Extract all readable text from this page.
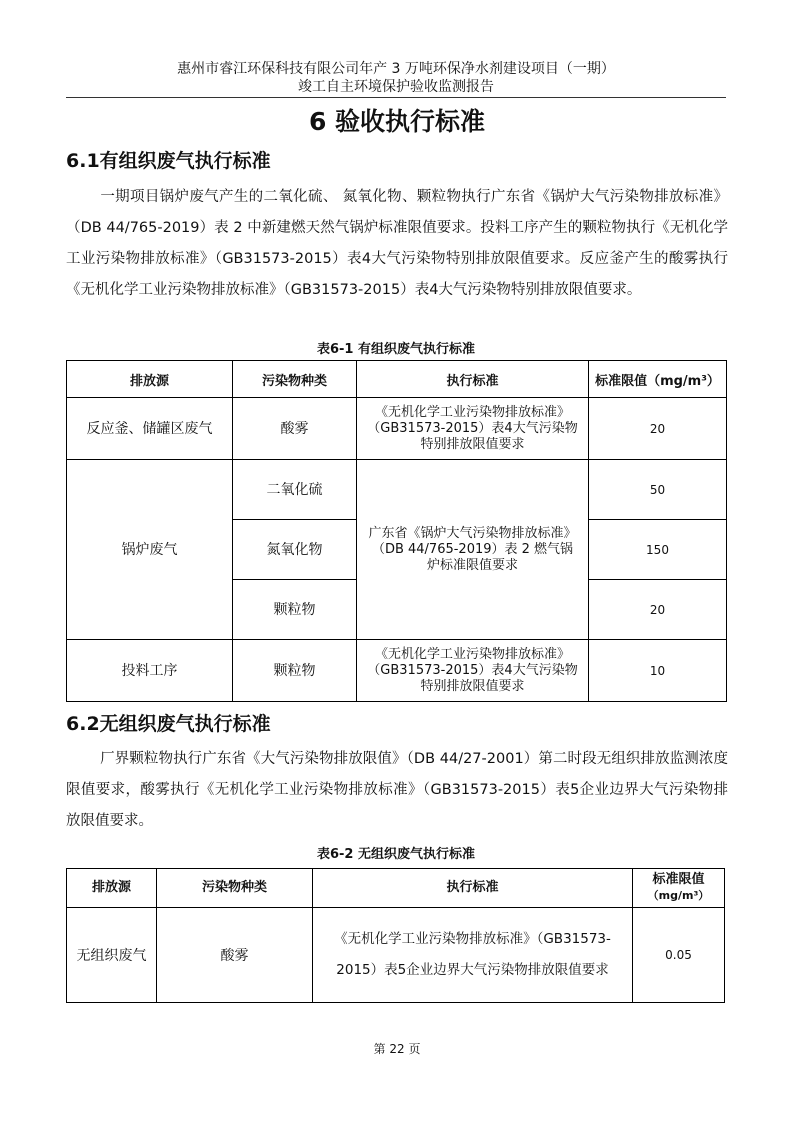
惠州市睿江环保科技有限公司年产 3 万吨环保净水剂建设项目（一期）
竣工自主环境保护验收监测报告
6 验收执行标准
6.1有组织废气执行标准
一期项目锅炉废气产生的二氧化硫、 氮氧化物、颗粒物执行广东省《锅炉大气污染物排放标准》（DB 44/765-2019）表 2 中新建燃天然气锅炉标准限值要求。投料工序产生的颗粒物执行《无机化学工业污染物排放标准》（GB31573-2015）表4大气污染物特别排放限值要求。反应釜产生的酸雾执行《无机化学工业污染物排放标准》（GB31573-2015）表4大气污染物特别排放限值要求。
表6-1 有组织废气执行标准
排放源	污染物种类	执行标准	标准限值（mg/m³）
反应釜、储罐区废气	酸雾	《无机化学工业污染物排放标准》（GB31573-2015）表4大气污染物特别排放限值要求	20
锅炉废气	二氧化硫	广东省《锅炉大气污染物排放标准》（DB 44/765-2019）表 2 燃气锅炉标准限值要求	50
	氮氧化物		150
	颗粒物		20
投料工序	颗粒物	《无机化学工业污染物排放标准》（GB31573-2015）表4大气污染物特别排放限值要求	10
6.2无组织废气执行标准
厂界颗粒物执行广东省《大气污染物排放限值》（DB 44/27-2001）第二时段无组织排放监测浓度限值要求，酸雾执行《无机化学工业污染物排放标准》（GB31573-2015）表5企业边界大气污染物排放限值要求。
表6-2 无组织废气执行标准
排放源	污染物种类	执行标准	标准限值
（mg/m³）
无组织废气	酸雾	《无机化学工业污染物排放标准》（GB31573-2015）表5企业边界大气污染物排放限值要求	0.05
第 22 页
